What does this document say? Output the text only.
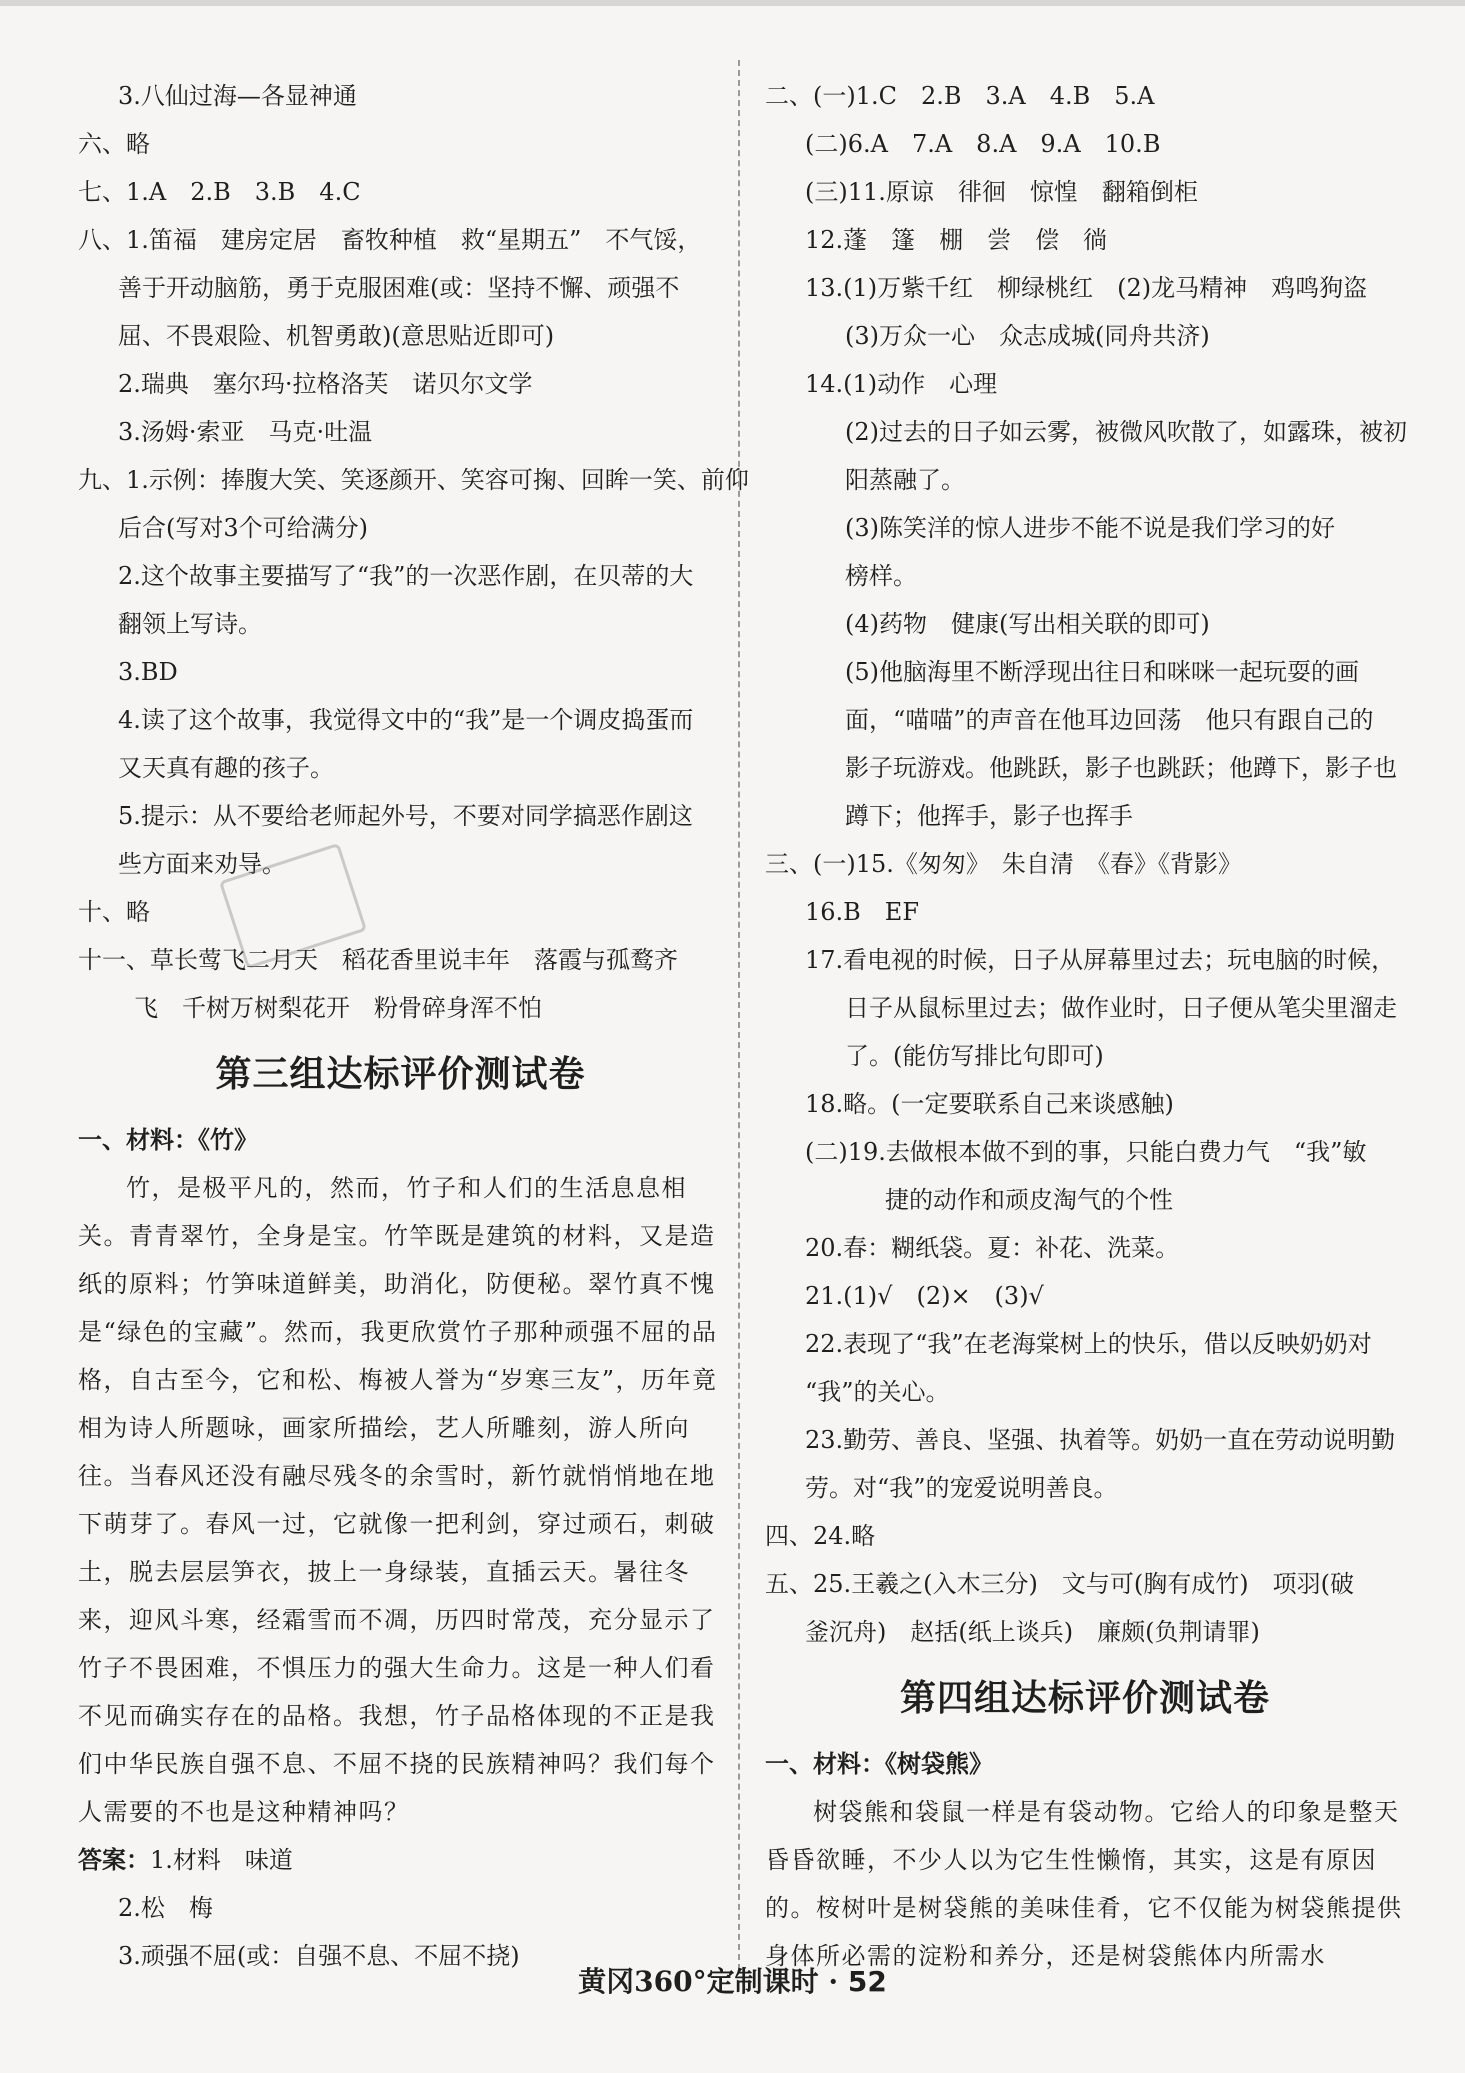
3.八仙过海—各显神通
六、略
七、1.A　2.B　3.B　4.C
八、1.笛福　建房定居　畜牧种植　救“星期五”　不气馁，
善于开动脑筋，勇于克服困难(或：坚持不懈、顽强不
屈、不畏艰险、机智勇敢)(意思贴近即可)
2.瑞典　塞尔玛·拉格洛芙　诺贝尔文学
3.汤姆·索亚　马克·吐温
九、1.示例：捧腹大笑、笑逐颜开、笑容可掬、回眸一笑、前仰
后合(写对3个可给满分)
2.这个故事主要描写了“我”的一次恶作剧，在贝蒂的大
翻领上写诗。
3.BD
4.读了这个故事，我觉得文中的“我”是一个调皮捣蛋而
又天真有趣的孩子。
5.提示：从不要给老师起外号，不要对同学搞恶作剧这
些方面来劝导。
十、略
十一、草长莺飞二月天　稻花香里说丰年　落霞与孤鹜齐
飞　千树万树梨花开　粉骨碎身浑不怕
第三组达标评价测试卷
一、材料：《竹》
竹，是极平凡的，然而，竹子和人们的生活息息相关。青青翠竹，全身是宝。竹竿既是建筑的材料，又是造纸的原料；竹笋味道鲜美，助消化，防便秘。翠竹真不愧是“绿色的宝藏”。然而，我更欣赏竹子那种顽强不屈的品格，自古至今，它和松、梅被人誉为“岁寒三友”，历年竟相为诗人所题咏，画家所描绘，艺人所雕刻，游人所向往。当春风还没有融尽残冬的余雪时，新竹就悄悄地在地下萌芽了。春风一过，它就像一把利剑，穿过顽石，刺破土，脱去层层笋衣，披上一身绿装，直插云天。暑往冬来，迎风斗寒，经霜雪而不凋，历四时常茂，充分显示了竹子不畏困难，不惧压力的强大生命力。这是一种人们看不见而确实存在的品格。我想，竹子品格体现的不正是我们中华民族自强不息、不屈不挠的民族精神吗？我们每个人需要的不也是这种精神吗？
答案：1.材料　味道
2.松　梅
3.顽强不屈(或：自强不息、不屈不挠)
二、(一)1.C　2.B　3.A　4.B　5.A
(二)6.A　7.A　8.A　9.A　10.B
(三)11.原谅　徘徊　惊惶　翻箱倒柜
12.蓬　篷　棚　尝　偿　徜
13.(1)万紫千红　柳绿桃红　(2)龙马精神　鸡鸣狗盗
(3)万众一心　众志成城(同舟共济)
14.(1)动作　心理
(2)过去的日子如云雾，被微风吹散了，如露珠，被初
阳蒸融了。
(3)陈笑洋的惊人进步不能不说是我们学习的好
榜样。
(4)药物　健康(写出相关联的即可)
(5)他脑海里不断浮现出往日和咪咪一起玩耍的画
面，“喵喵”的声音在他耳边回荡　他只有跟自己的
影子玩游戏。他跳跃，影子也跳跃；他蹲下，影子也
蹲下；他挥手，影子也挥手
三、(一)15.《匆匆》　朱自清　《春》《背影》
16.B　EF
17.看电视的时候，日子从屏幕里过去；玩电脑的时候，
日子从鼠标里过去；做作业时，日子便从笔尖里溜走
了。(能仿写排比句即可)
18.略。(一定要联系自己来谈感触)
(二)19.去做根本做不到的事，只能白费力气　“我”敏
捷的动作和顽皮淘气的个性
20.春：糊纸袋。夏：补花、洗菜。
21.(1)√　(2)×　(3)√
22.表现了“我”在老海棠树上的快乐，借以反映奶奶对
“我”的关心。
23.勤劳、善良、坚强、执着等。奶奶一直在劳动说明勤
劳。对“我”的宠爱说明善良。
四、24.略
五、25.王羲之(入木三分)　文与可(胸有成竹)　项羽(破
釜沉舟)　赵括(纸上谈兵)　廉颇(负荆请罪)
第四组达标评价测试卷
一、材料：《树袋熊》
树袋熊和袋鼠一样是有袋动物。它给人的印象是整天昏昏欲睡，不少人以为它生性懒惰，其实，这是有原因的。桉树叶是树袋熊的美味佳肴，它不仅能为树袋熊提供身体所必需的淀粉和养分，还是树袋熊体内所需水
黄冈360°定制课时 · 52
